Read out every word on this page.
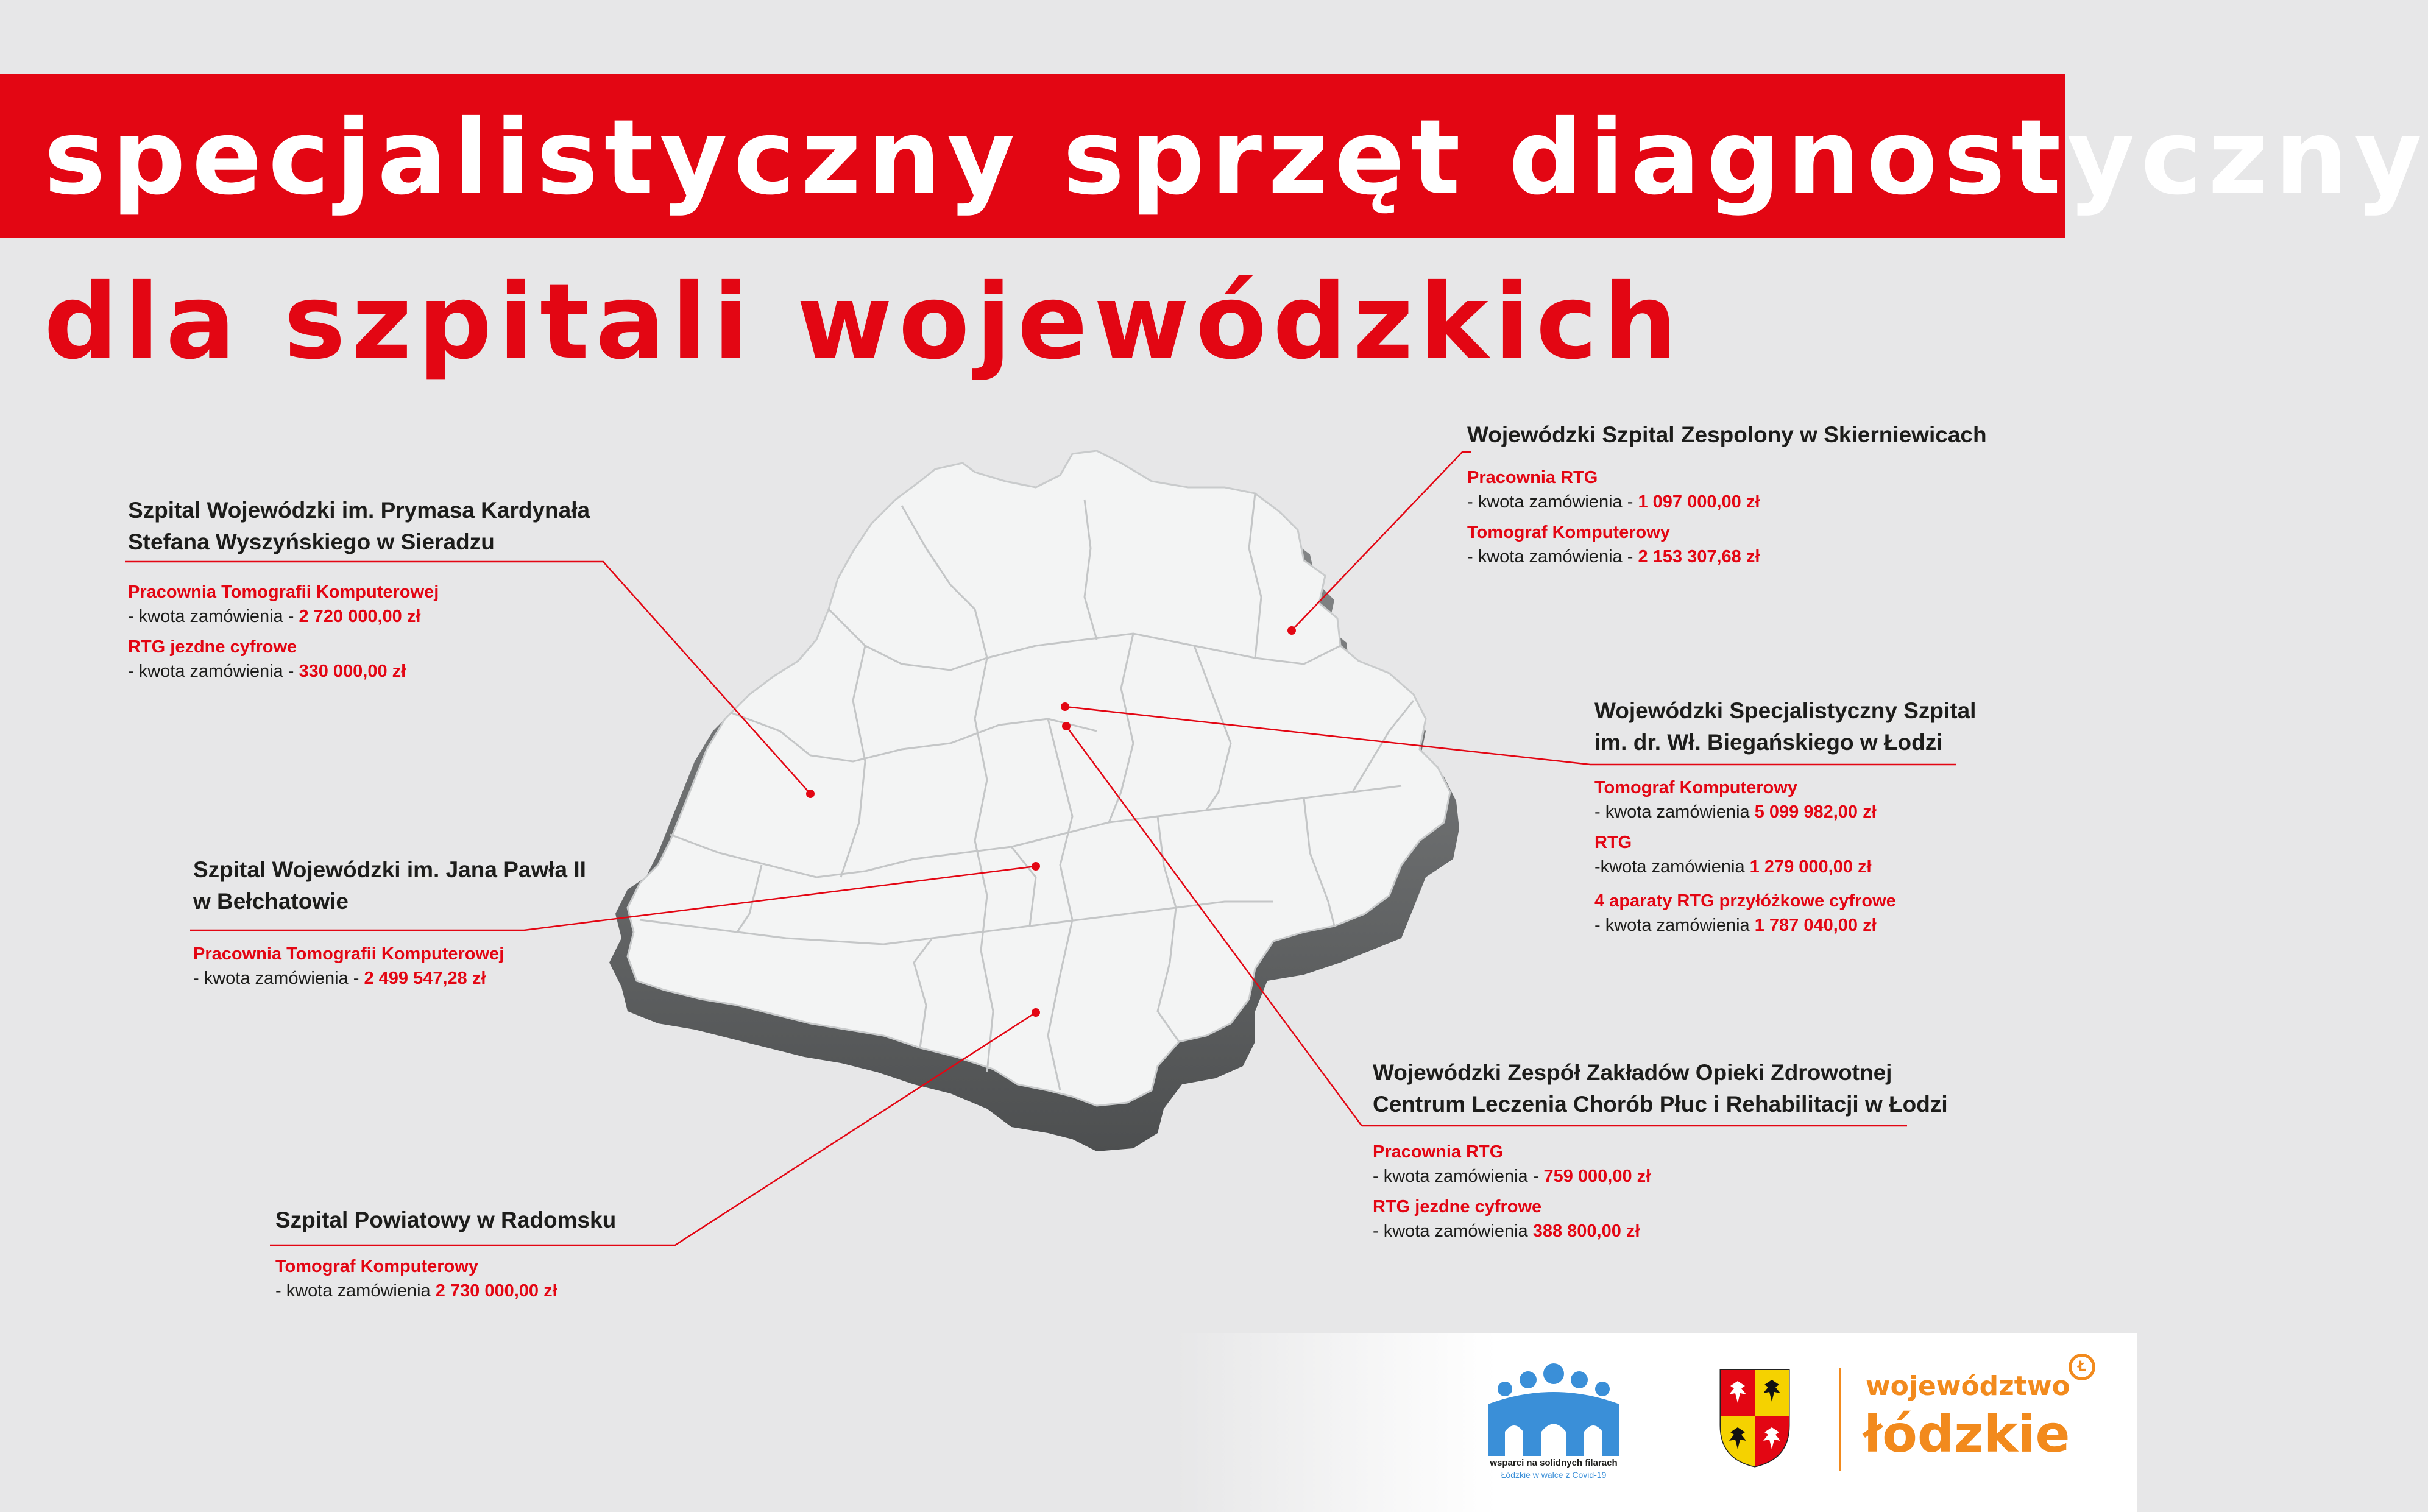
specjalistyczny sprzęt diagnostyczny
dla szpitali wojewódzkich
Szpital Wojewódzki im. Prymasa Kardynała
Stefana Wyszyńskiego w Sieradzu
Pracownia Tomografii Komputerowej
- kwota zamówienia - 2 720 000,00 zł
RTG jezdne cyfrowe
- kwota zamówienia - 330 000,00 zł
Szpital Wojewódzki im. Jana Pawła II
w Bełchatowie
Pracownia Tomografii Komputerowej
- kwota zamówienia - 2 499 547,28 zł
Szpital Powiatowy w Radomsku
Tomograf Komputerowy
- kwota zamówienia 2 730 000,00 zł
Wojewódzki Szpital Zespolony w Skierniewicach
Pracownia RTG
- kwota zamówienia - 1 097 000,00 zł
Tomograf Komputerowy
- kwota zamówienia - 2 153 307,68 zł
Wojewódzki Specjalistyczny Szpital
im. dr. Wł. Biegańskiego w Łodzi
Tomograf Komputerowy
- kwota zamówienia 5 099 982,00 zł
RTG
-kwota zamówienia 1 279 000,00 zł
4 aparaty RTG przyłóżkowe cyfrowe
- kwota zamówienia 1 787 040,00 zł
Wojewódzki Zespół Zakładów Opieki Zdrowotnej
Centrum Leczenia Chorób Płuc i Rehabilitacji w Łodzi
Pracownia RTG
- kwota zamówienia - 759 000,00 zł
RTG jezdne cyfrowe
- kwota zamówienia 388 800,00 zł
wsparci na solidnych filarach
Łódzkie w walce z Covid-19
województwo
łódzkie
Ł
